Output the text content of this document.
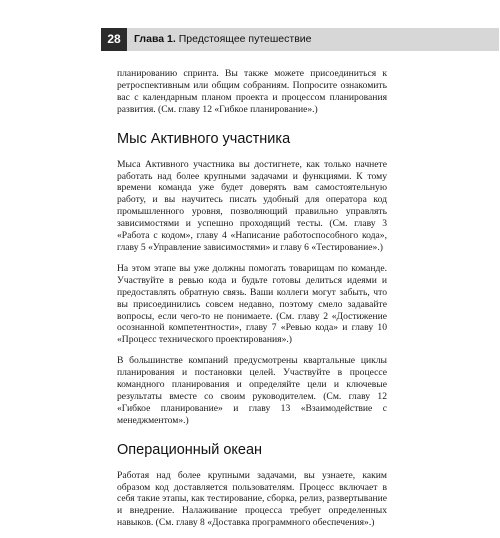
28	Глава 1. Предстоящее путешествие

планированию спринта. Вы также можете присоединиться к ретроспективным или общим собраниям. Попросите ознакомить вас с календарным планом проекта и процессом планирования развития. (См. главу 12 «Гибкое планирование».)

Мыс Активного участника

Мыса Активного участника вы достигнете, как только начнете работать над более крупными задачами и функциями. К тому времени команда уже будет доверять вам самостоятельную работу, и вы научитесь писать удобный для оператора код промышленного уровня, позволяющий правильно управлять зависимостями и успешно проходящий тесты. (См. главу 3 «Работа с кодом», главу 4 «Написание работоспособного кода», главу 5 «Управление зависимостями» и главу 6 «Тестирование».)

На этом этапе вы уже должны помогать товарищам по команде. Участвуйте в ревью кода и будьте готовы делиться идеями и предоставлять обратную связь. Ваши коллеги могут забыть, что вы присоединились совсем недавно, поэтому смело задавайте вопросы, если чего-то не понимаете. (См. главу 2 «Достижение осознанной компетентности», главу 7 «Ревью кода» и главу 10 «Процесс технического проектирования».)

В большинстве компаний предусмотрены квартальные циклы планирования и постановки целей. Участвуйте в процессе командного планирования и определяйте цели и ключевые результаты вместе со своим руководителем. (См. главу 12 «Гибкое планирование» и главу 13 «Взаимодействие с менеджментом».)

Операционный океан

Работая над более крупными задачами, вы узнаете, каким образом код доставляется пользователям. Процесс включает в себя такие этапы, как тестирование, сборка, релиз, развертывание и внедрение. Налаживание процесса требует определенных навыков. (См. главу 8 «Доставка программного обеспечения».)
